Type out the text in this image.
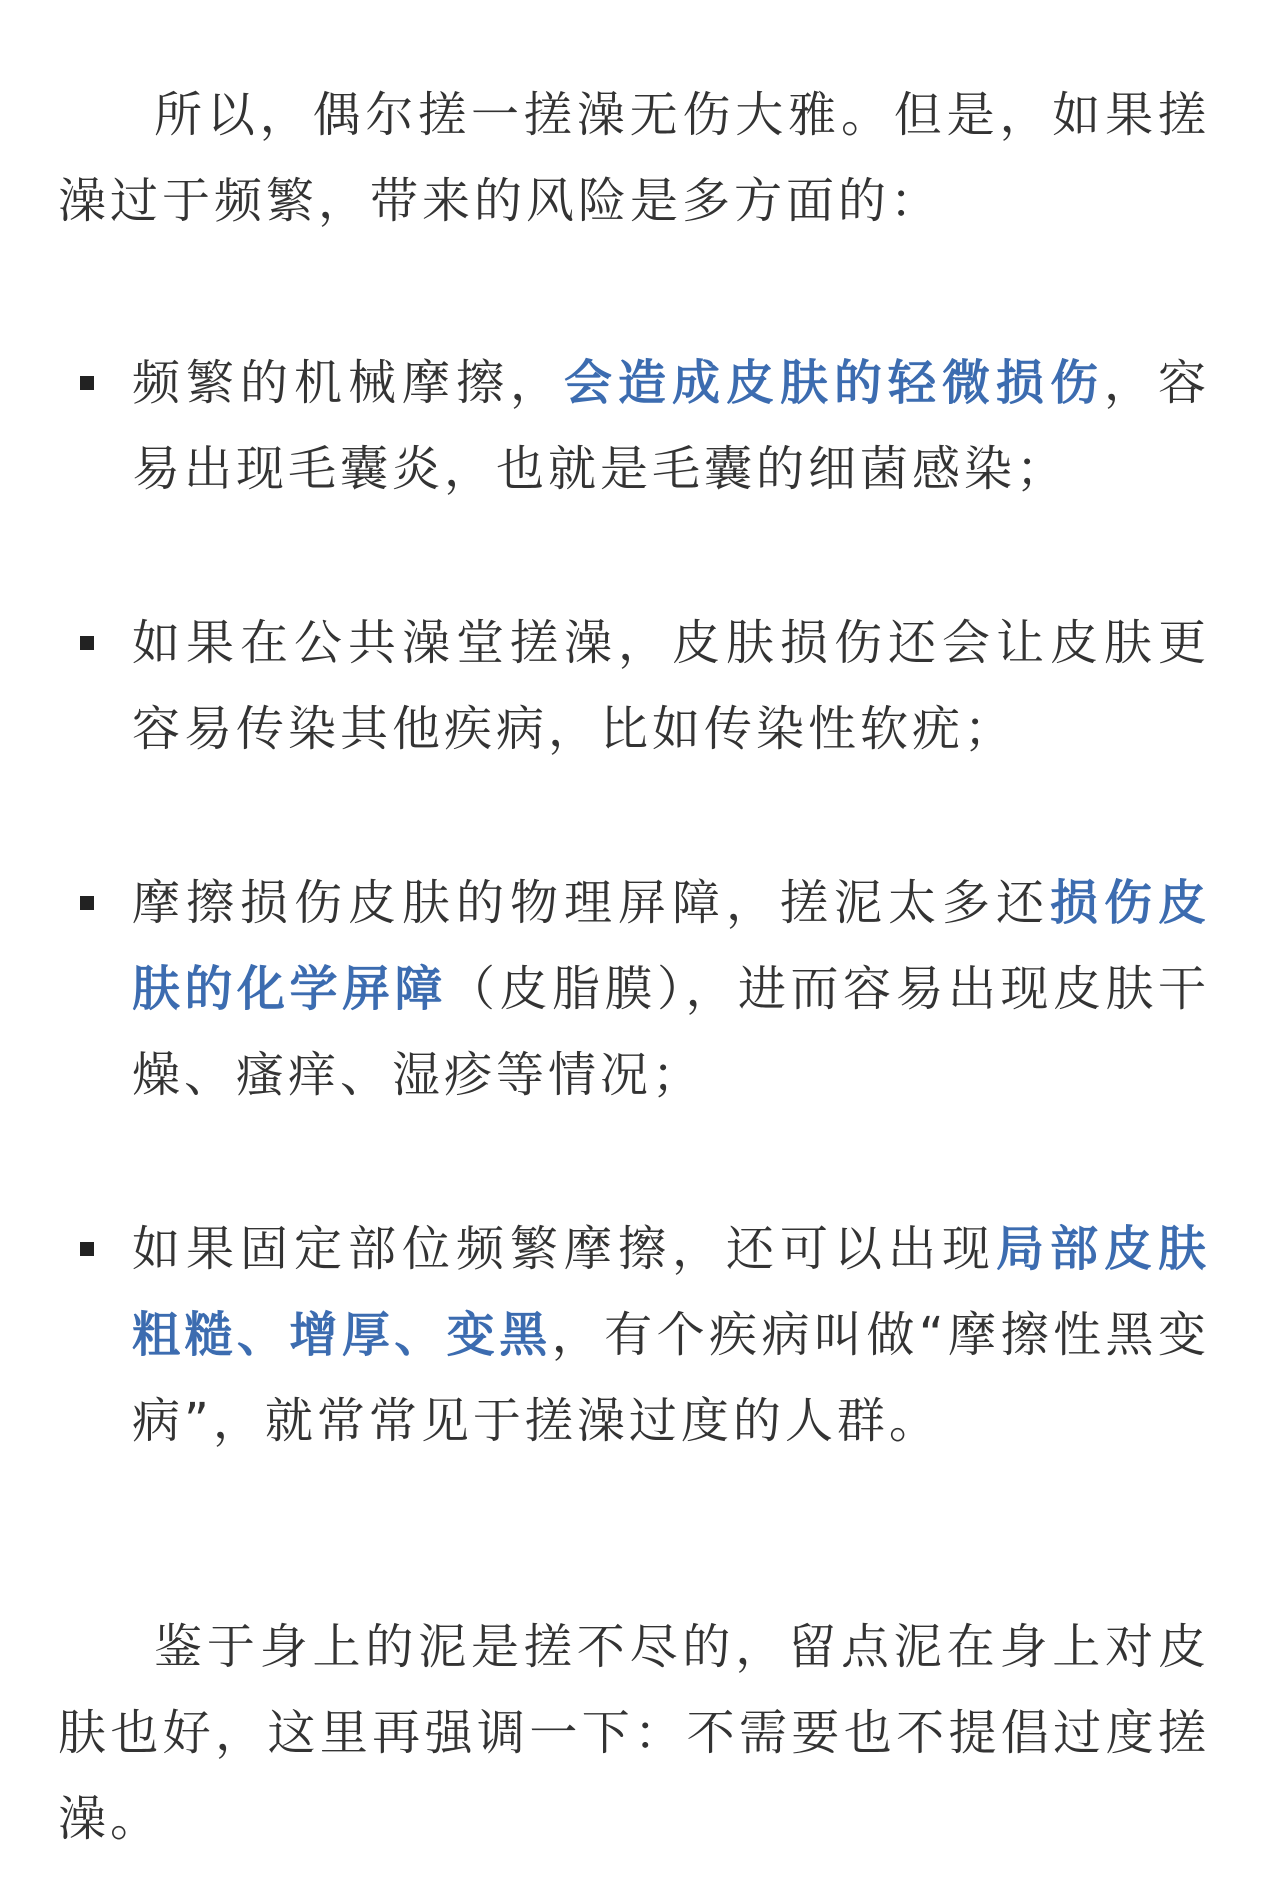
所以，偶尔搓一搓澡无伤大雅。但是，如果搓澡过于频繁，带来的风险是多方面的：

频繁的机械摩擦，会造成皮肤的轻微损伤，容易出现毛囊炎，也就是毛囊的细菌感染；
如果在公共澡堂搓澡，皮肤损伤还会让皮肤更容易传染其他疾病，比如传染性软疣；
摩擦损伤皮肤的物理屏障，搓泥太多还损伤皮肤的化学屏障（皮脂膜），进而容易出现皮肤干燥、瘙痒、湿疹等情况；
如果固定部位频繁摩擦，还可以出现局部皮肤粗糙、增厚、变黑，有个疾病叫做“摩擦性黑变病”，就常常见于搓澡过度的人群。

鉴于身上的泥是搓不尽的，留点泥在身上对皮肤也好，这里再强调一下：不需要也不提倡过度搓澡。
